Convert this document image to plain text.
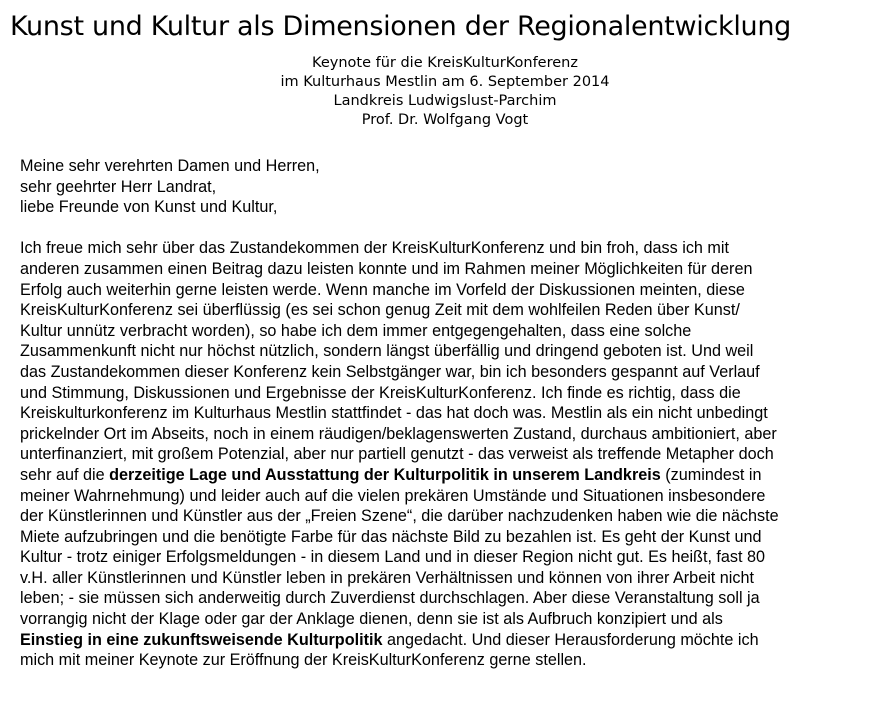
Kunst und Kultur als Dimensionen der Regionalentwicklung
Keynote für die KreisKulturKonferenz
im Kulturhaus Mestlin am 6. September 2014
Landkreis Ludwigslust-Parchim
Prof. Dr. Wolfgang Vogt
Meine sehr verehrten Damen und Herren,
sehr geehrter Herr Landrat,
liebe Freunde von Kunst und Kultur,
Ich freue mich sehr über das Zustandekommen der KreisKulturKonferenz und bin froh, dass ich mit
anderen zusammen einen Beitrag dazu leisten konnte und im Rahmen meiner Möglichkeiten für deren
Erfolg auch weiterhin gerne leisten werde. Wenn manche im Vorfeld der Diskussionen meinten, diese
KreisKulturKonferenz sei überflüssig (es sei schon genug Zeit mit dem wohlfeilen Reden über Kunst/
Kultur unnütz verbracht worden), so habe ich dem immer entgegengehalten, dass eine solche
Zusammenkunft nicht nur höchst nützlich, sondern längst überfällig und dringend geboten ist. Und weil
das Zustandekommen dieser Konferenz kein Selbstgänger war, bin ich besonders gespannt auf Verlauf
und Stimmung, Diskussionen und Ergebnisse der KreisKulturKonferenz. Ich finde es richtig, dass die
Kreiskulturkonferenz im Kulturhaus Mestlin stattfindet - das hat doch was. Mestlin als ein nicht unbedingt
prickelnder Ort im Abseits, noch in einem räudigen/beklagenswerten Zustand, durchaus ambitioniert, aber
unterfinanziert, mit großem Potenzial, aber nur partiell genutzt - das verweist als treffende Metapher doch
sehr auf die derzeitige Lage und Ausstattung der Kulturpolitik in unserem Landkreis (zumindest in
meiner Wahrnehmung) und leider auch auf die vielen prekären Umstände und Situationen insbesondere
der Künstlerinnen und Künstler aus der „Freien Szene“, die darüber nachzudenken haben wie die nächste
Miete aufzubringen und die benötigte Farbe für das nächste Bild zu bezahlen ist. Es geht der Kunst und
Kultur - trotz einiger Erfolgsmeldungen - in diesem Land und in dieser Region nicht gut. Es heißt, fast 80
v.H. aller Künstlerinnen und Künstler leben in prekären Verhältnissen und können von ihrer Arbeit nicht
leben; - sie müssen sich anderweitig durch Zuverdienst durchschlagen. Aber diese Veranstaltung soll ja
vorrangig nicht der Klage oder gar der Anklage dienen, denn sie ist als Aufbruch konzipiert und als
Einstieg in eine zukunftsweisende Kulturpolitik angedacht. Und dieser Herausforderung möchte ich
mich mit meiner Keynote zur Eröffnung der KreisKulturKonferenz gerne stellen.
